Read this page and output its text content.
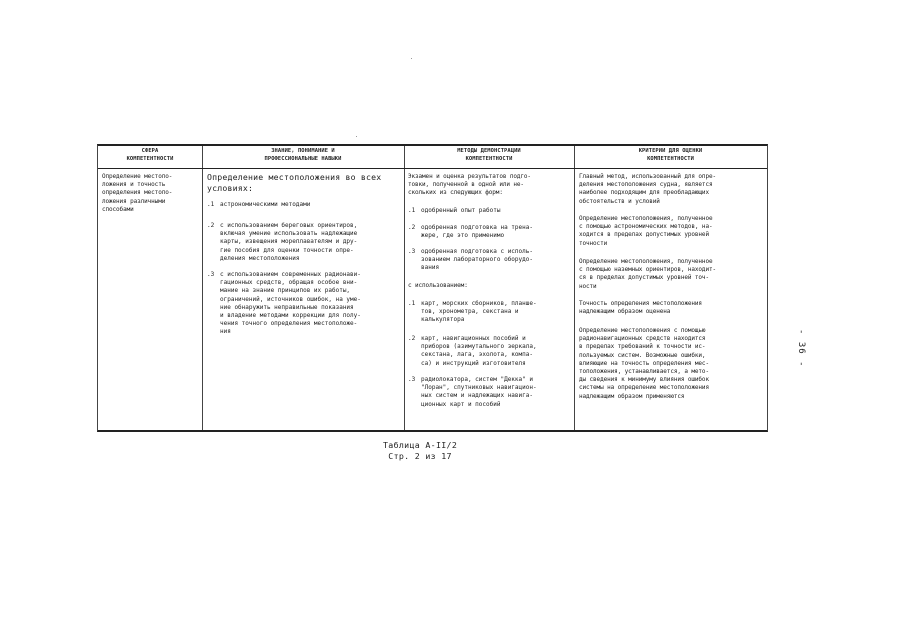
СФЕРА
КОМПЕТЕНТНОСТИ
ЗНАНИЕ, ПОНИМАНИЕ И
ПРОФЕССИОНАЛЬНЫЕ НАВЫКИ
МЕТОДЫ ДЕМОНСТРАЦИИ
КОМПЕТЕНТНОСТИ
КРИТЕРИИ ДЛЯ ОЦЕНКИ
КОМПЕТЕНТНОСТИ
Определение местопо-
ложения и точность
определения местопо-
ложения различными
способами
Определение местоположения во всех
условиях:
.1 астрономическими методами
.2 с использованием береговых ориентиров,
включая умение использовать надлежащие
карты, извещения мореплавателям и дру-
гие пособия для оценки точности опре-
деления местоположения
.3 с использованием современных радионави-
гационных средств, обращая особое вни-
мание на знание принципов их работы,
ограничений, источников ошибок, на уме-
ние обнаружить неправильные показания
и владение методами коррекции для полу-
чения точного определения местоположе-
ния
Экзамен и оценка результатов подго-
товки, полученной в одной или не-
скольких из следующих форм:
.1 одобренный опыт работы
.2 одобренная подготовка на трена-
жере, где это применимо
.3 одобренная подготовка с исполь-
зованием лабораторного оборудо-
вания
с использованием:
.1 карт, морских сборников, планше-
тов, хронометра, секстана и
калькулятора
.2 карт, навигационных пособий и
приборов (азимутального зеркала,
секстана, лага, эхолота, компа-
са) и инструкций изготовителя
.3 радиолокатора, систем "Декка" и
"Лоран", спутниковых навигацион-
ных систем и надлежащих навига-
ционных карт и пособий
Главный метод, использованный для опре-
деления местоположения судна, является
наиболее подходящим для преобладающих
обстоятельств и условий
Определение местоположения, полученное
с помощью астрономических методов, на-
ходится в пределах допустимых уровней
точности
Определение местоположения, полученное
с помощью наземных ориентиров, находит-
ся в пределах допустимых уровней точ-
ности
Точность определения местоположения
надлежащим образом оценена
Определение местоположения с помощью
радионавигационных средств находится
в пределах требований к точности ис-
пользуемых систем. Возможные ошибки,
влияющие на точность определения мес-
тоположения, устанавливается, а мето-
ды сведения к минимуму влияния ошибок
системы на определение местоположения
надлежащим образом применяются
Таблица А-II/2
Стр. 2 из 17
- 36 -
